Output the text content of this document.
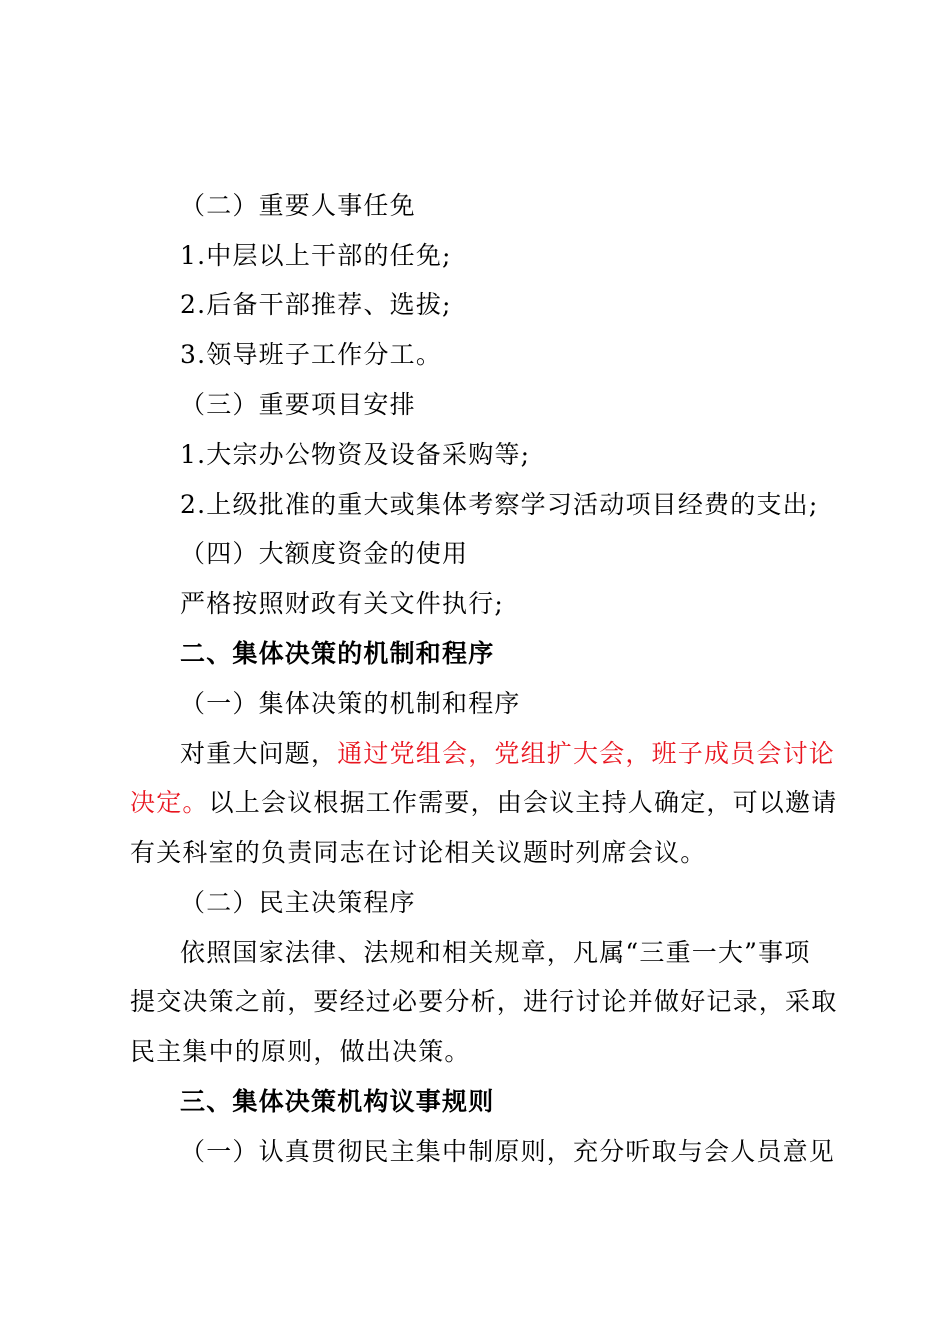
（二）重要人事任免
1.中层以上干部的任免;
2.后备干部推荐、选拔;
3.领导班子工作分工。
（三）重要项目安排
1.大宗办公物资及设备采购等;
2.上级批准的重大或集体考察学习活动项目经费的支出;
（四）大额度资金的使用
严格按照财政有关文件执行;
二、集体决策的机制和程序
（一）集体决策的机制和程序
对重大问题，通过党组会，党组扩大会，班子成员会讨论
决定。以上会议根据工作需要，由会议主持人确定，可以邀请
有关科室的负责同志在讨论相关议题时列席会议。
（二）民主决策程序
依照国家法律、法规和相关规章，凡属“三重一大”事项
提交决策之前，要经过必要分析，进行讨论并做好记录，采取
民主集中的原则，做出决策。
三、集体决策机构议事规则
（一）认真贯彻民主集中制原则，充分听取与会人员意见
